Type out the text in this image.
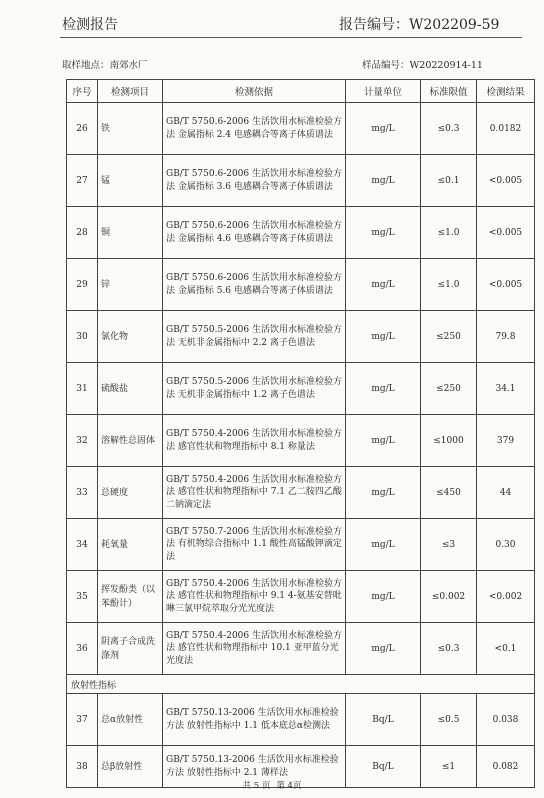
检测报告	报告编号：W202209-59
取样地点：南郊水厂	样品编号：W20220914-11
序号	检测项目	检测依据	计量单位	标准限值	检测结果
26	铁	GB/T 5750.6-2006 生活饮用水标准检验方法 金属指标 2.4 电感耦合等离子体质谱法	mg/L	≤0.3	0.0182
27	锰	GB/T 5750.6-2006 生活饮用水标准检验方法 金属指标 3.6 电感耦合等离子体质谱法	mg/L	≤0.1	<0.005
28	铜	GB/T 5750.6-2006 生活饮用水标准检验方法 金属指标 4.6 电感耦合等离子体质谱法	mg/L	≤1.0	<0.005
29	锌	GB/T 5750.6-2006 生活饮用水标准检验方法 金属指标 5.6 电感耦合等离子体质谱法	mg/L	≤1.0	<0.005
30	氯化物	GB/T 5750.5-2006 生活饮用水标准检验方法 无机非金属指标中 2.2 离子色谱法	mg/L	≤250	79.8
31	硫酸盐	GB/T 5750.5-2006 生活饮用水标准检验方法 无机非金属指标中 1.2 离子色谱法	mg/L	≤250	34.1
32	溶解性总固体	GB/T 5750.4-2006 生活饮用水标准检验方法 感官性状和物理指标中 8.1 称量法	mg/L	≤1000	379
33	总硬度	GB/T 5750.4-2006 生活饮用水标准检验方法 感官性状和物理指标中 7.1 乙二胺四乙酸二钠滴定法	mg/L	≤450	44
34	耗氧量	GB/T 5750.7-2006 生活饮用水标准检验方法 有机物综合指标中 1.1 酸性高锰酸钾滴定法	mg/L	≤3	0.30
35	挥发酚类（以苯酚计）	GB/T 5750.4-2006 生活饮用水标准检验方法 感官性状和物理指标中 9.1 4-氨基安替吡啉三氯甲烷萃取分光光度法	mg/L	≤0.002	<0.002
36	阴离子合成洗涤剂	GB/T 5750.4-2006 生活饮用水标准检验方法 感官性状和物理指标中 10.1 亚甲蓝分光光度法	mg/L	≤0.3	<0.1
放射性指标					
37	总α放射性	GB/T 5750.13-2006 生活饮用水标准检验方法 放射性指标中 1.1 低本底总α检测法	Bq/L	≤0.5	0.038
38	总β放射性	GB/T 5750.13-2006 生活饮用水标准检验方法 放射性指标中 2.1 薄样法	Bq/L	≤1	0.082
共 5 页 第 4页
